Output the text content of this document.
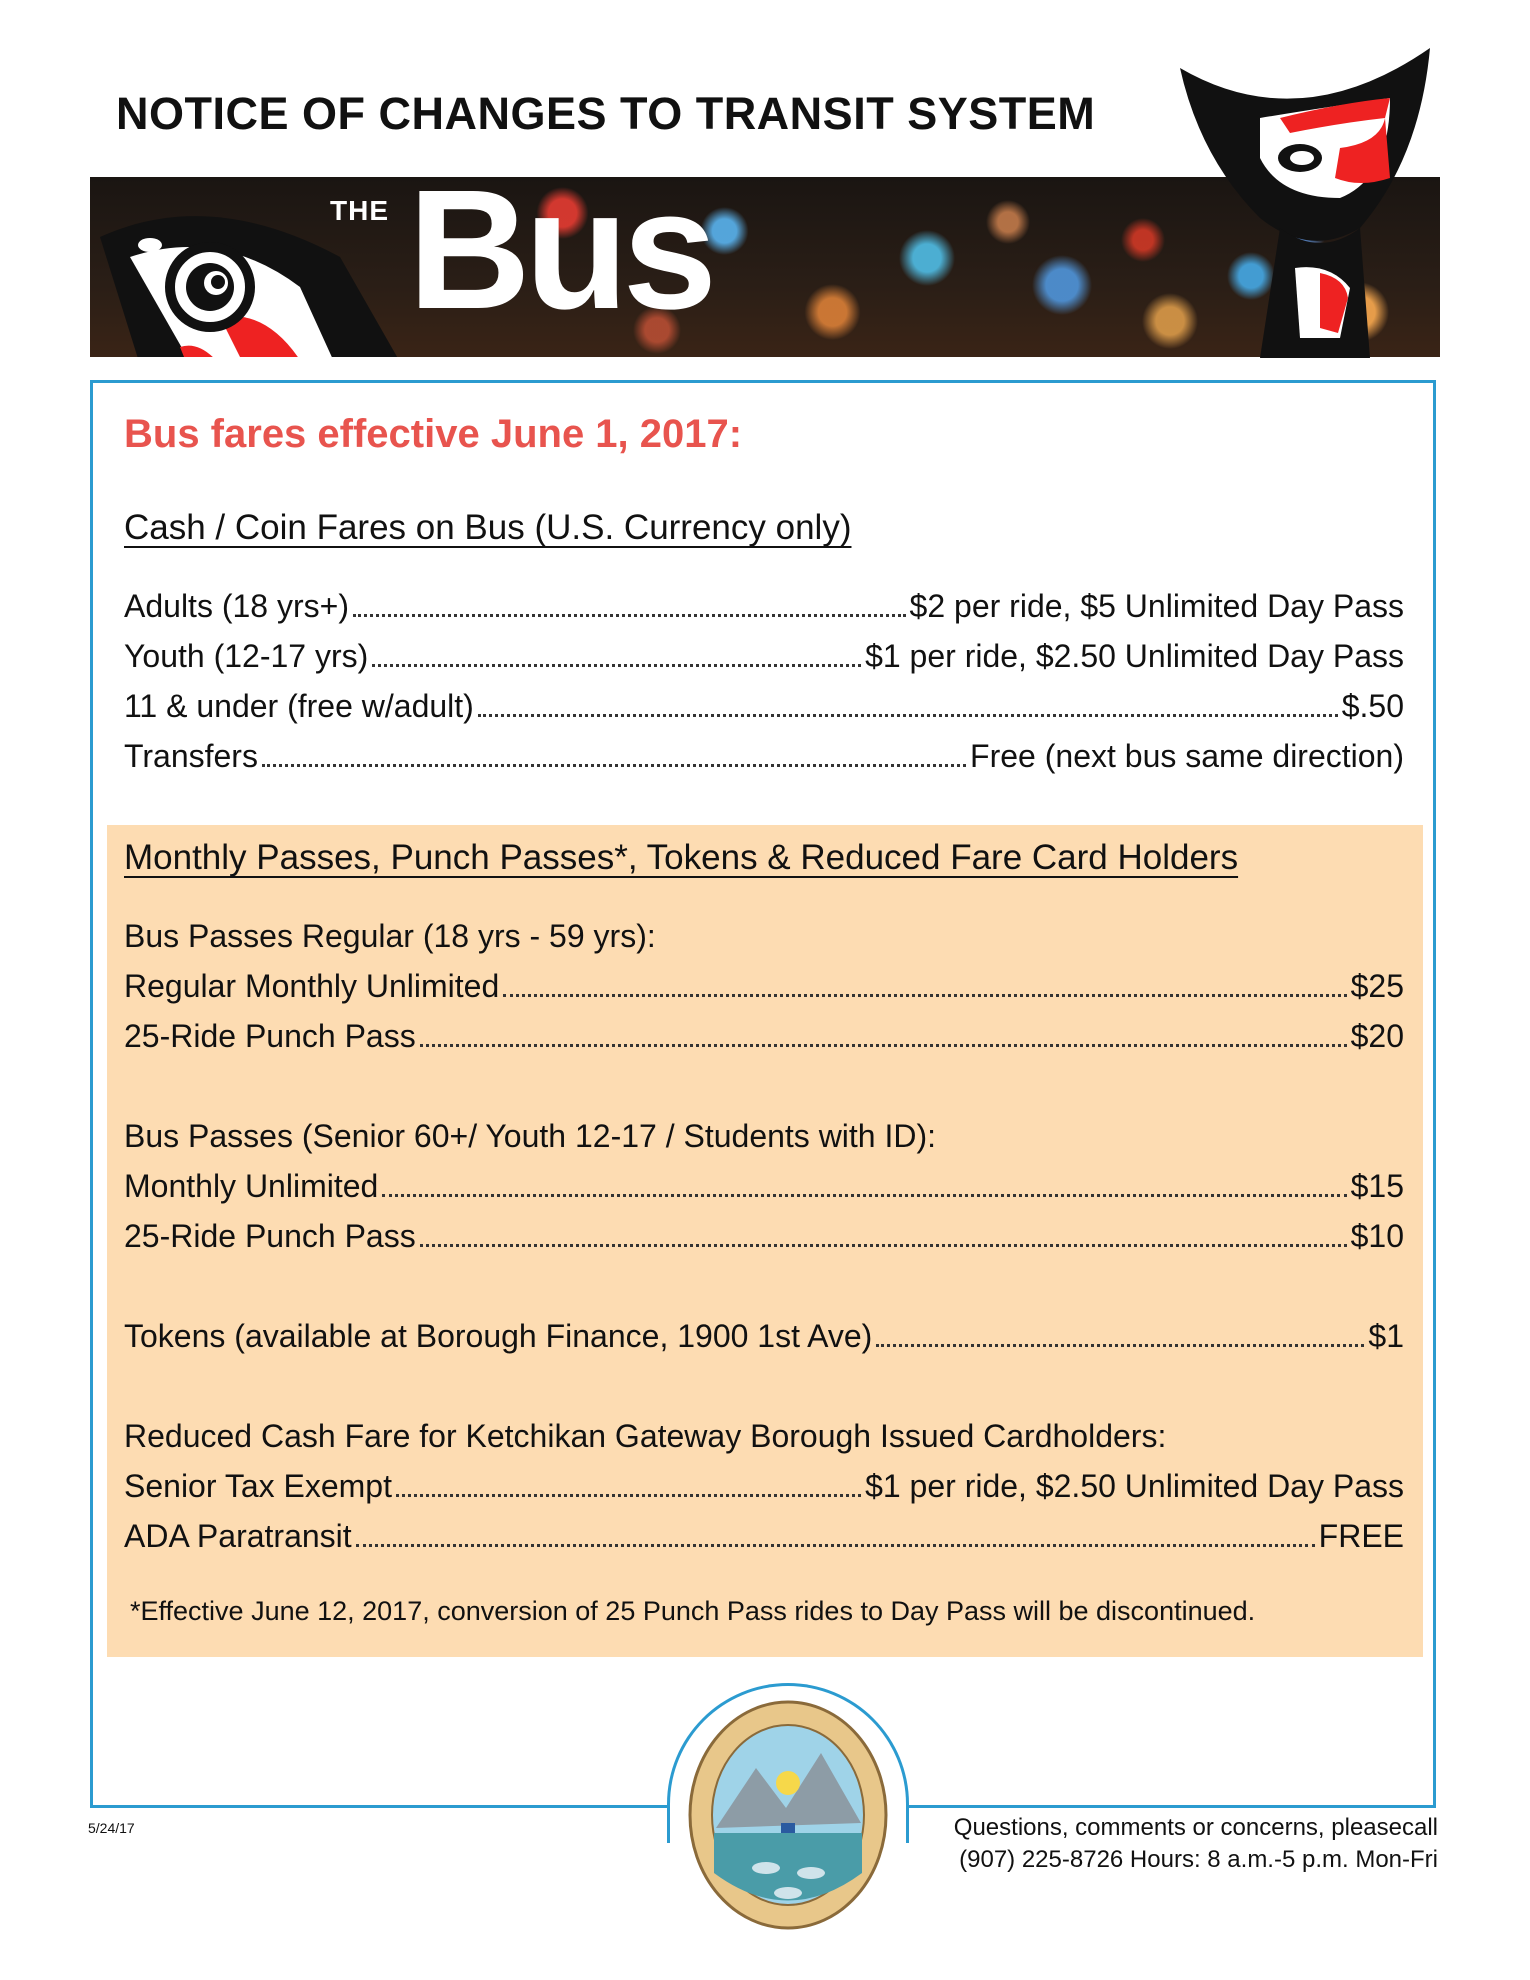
NOTICE OF CHANGES TO TRANSIT SYSTEM
THE Bus
Bus fares effective June 1, 2017:
Cash / Coin Fares on Bus (U.S. Currency only)
Adults (18 yrs+)	$2 per ride, $5 Unlimited Day Pass
Youth (12-17 yrs)	$1 per ride, $2.50 Unlimited Day Pass
11 & under (free w/adult)	$.50
Transfers	Free (next bus same direction)
Monthly Passes, Punch Passes*, Tokens & Reduced Fare Card Holders
Bus Passes Regular (18 yrs - 59 yrs):
Regular Monthly Unlimited	$25
25-Ride Punch Pass	$20
Bus Passes (Senior 60+/ Youth 12-17 / Students with ID):
Monthly Unlimited	$15
25-Ride Punch Pass	$10
Tokens (available at Borough Finance, 1900 1st Ave)	$1
Reduced Cash Fare for Ketchikan Gateway Borough Issued Cardholders:
Senior Tax Exempt	$1 per ride, $2.50 Unlimited Day Pass
ADA Paratransit	FREE
*Effective June 12, 2017, conversion of 25 Punch Pass rides to Day Pass will be discontinued.
5/24/17	Questions, comments or concerns, pleasecall
(907) 225-8726 Hours: 8 a.m.-5 p.m. Mon-Fri
